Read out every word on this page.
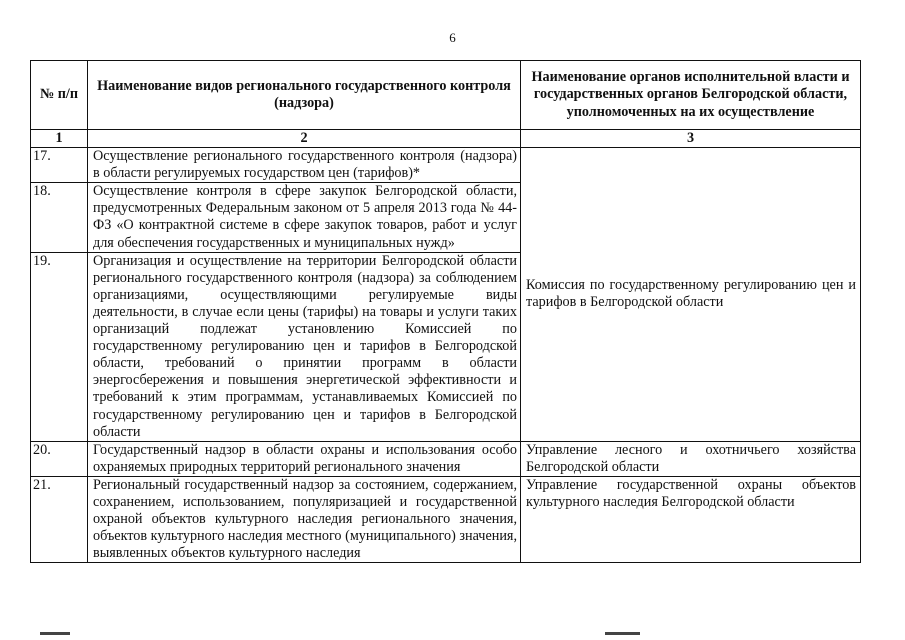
6
№ п/п	Наименование видов регионального государственного контроля (надзора)	Наименование органов исполнительной власти и государственных органов Белгородской области, уполномоченных на их осуществление
1	2	3
17.	Осуществление регионального государственного контроля (надзора) в области регулируемых государством цен (тарифов)*	Комиссия по государственному регулированию цен и тарифов в Белгородской области
18.	Осуществление контроля в сфере закупок Белгородской области, предусмотренных Федеральным законом от 5 апреля 2013 года № 44-ФЗ «О контрактной системе в сфере закупок товаров, работ и услуг для обеспечения государственных и муниципальных нужд»	
19.	Организация и осуществление на территории Белгородской области регионального государственного контроля (надзора) за соблюдением организациями, осуществляющими регулируемые виды деятельности, в случае если цены (тарифы) на товары и услуги таких организаций подлежат установлению Комиссией по государственному регулированию цен и тарифов в Белгородской области, требований о принятии программ в области энергосбережения и повышения энергетической эффективности и требований к этим программам, устанавливаемых Комиссией по государственному регулированию цен и тарифов в Белгородской области	
20.	Государственный надзор в области охраны и использования особо охраняемых природных территорий регионального значения	Управление лесного и охотничьего хозяйства Белгородской области
21.	Региональный государственный надзор за состоянием, содержанием, сохранением, использованием, популяризацией и государственной охраной объектов культурного наследия регионального значения, объектов культурного наследия местного (муниципального) значения, выявленных объектов культурного наследия	Управление государственной охраны объектов культурного наследия Белгородской области
